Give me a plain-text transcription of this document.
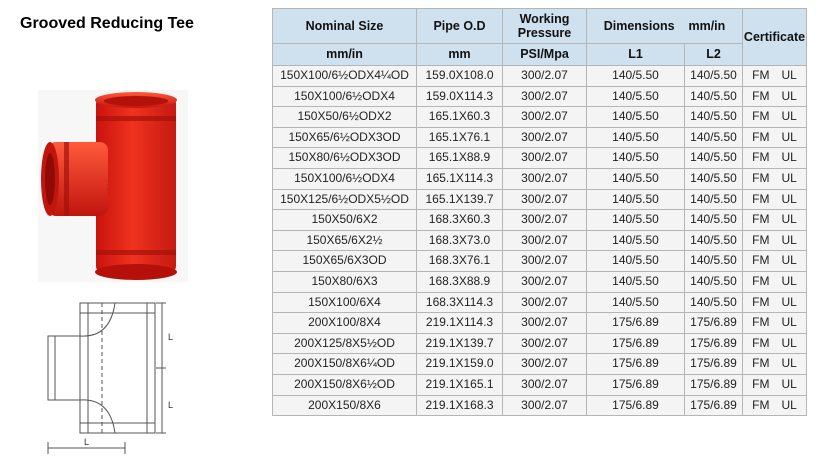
Grooved Reducing Tee
· · · ·
L
L
L
Nominal Size	Pipe O.D	Working Pressure	Dimensions    mm/in		Certificate
mm/in	mm	PSI/Mpa	L1	L2	
150X100/6½ODX4¼OD	159.0X108.0	300/2.07	140/5.50	140/5.50	FM UL
150X100/6½ODX4	159.0X114.3	300/2.07	140/5.50	140/5.50	FM UL
150X50/6½ODX2	165.1X60.3	300/2.07	140/5.50	140/5.50	FM UL
150X65/6½ODX3OD	165.1X76.1	300/2.07	140/5.50	140/5.50	FM UL
150X80/6½ODX3OD	165.1X88.9	300/2.07	140/5.50	140/5.50	FM UL
150X100/6½ODX4	165.1X114.3	300/2.07	140/5.50	140/5.50	FM UL
150X125/6½ODX5½OD	165.1X139.7	300/2.07	140/5.50	140/5.50	FM UL
150X50/6X2	168.3X60.3	300/2.07	140/5.50	140/5.50	FM UL
150X65/6X2½	168.3X73.0	300/2.07	140/5.50	140/5.50	FM UL
150X65/6X3OD	168.3X76.1	300/2.07	140/5.50	140/5.50	FM UL
150X80/6X3	168.3X88.9	300/2.07	140/5.50	140/5.50	FM UL
150X100/6X4	168.3X114.3	300/2.07	140/5.50	140/5.50	FM UL
200X100/8X4	219.1X114.3	300/2.07	175/6.89	175/6.89	FM UL
200X125/8X5½OD	219.1X139.7	300/2.07	175/6.89	175/6.89	FM UL
200X150/8X6¼OD	219.1X159.0	300/2.07	175/6.89	175/6.89	FM UL
200X150/8X6½OD	219.1X165.1	300/2.07	175/6.89	175/6.89	FM UL
200X150/8X6	219.1X168.3	300/2.07	175/6.89	175/6.89	FM UL
